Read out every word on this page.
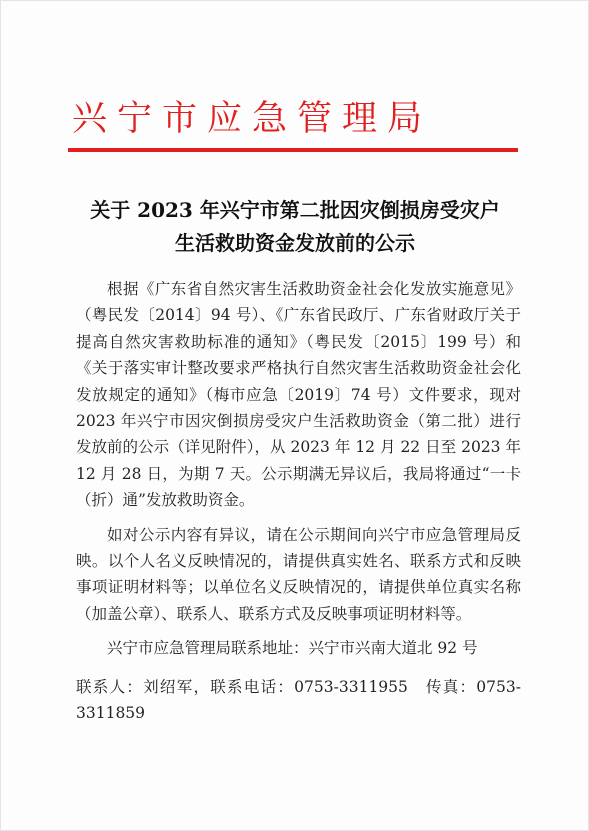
兴宁市应急管理局
关于 2023 年兴宁市第二批因灾倒损房受灾户
生活救助资金发放前的公示

根据《广东省自然灾害生活救助资金社会化发放实施意见》（粤民发〔2014〕94 号）、《广东省民政厅、广东省财政厅关于提高自然灾害救助标准的通知》（粤民发〔2015〕199 号）和《关于落实审计整改要求严格执行自然灾害生活救助资金社会化发放规定的通知》（梅市应急〔2019〕74 号）文件要求，现对 2023 年兴宁市因灾倒损房受灾户生活救助资金（第二批）进行发放前的公示（详见附件），从 2023 年 12 月 22 日至 2023 年 12 月 28 日，为期 7 天。公示期满无异议后，我局将通过“一卡（折）通”发放救助资金。

如对公示内容有异议，请在公示期间向兴宁市应急管理局反映。以个人名义反映情况的，请提供真实姓名、联系方式和反映事项证明材料等；以单位名义反映情况的，请提供单位真实名称（加盖公章）、联系人、联系方式及反映事项证明材料等。

兴宁市应急管理局联系地址：兴宁市兴南大道北 92 号

联系人：刘绍军，联系电话：0753-3311955　传真：0753-3311859
